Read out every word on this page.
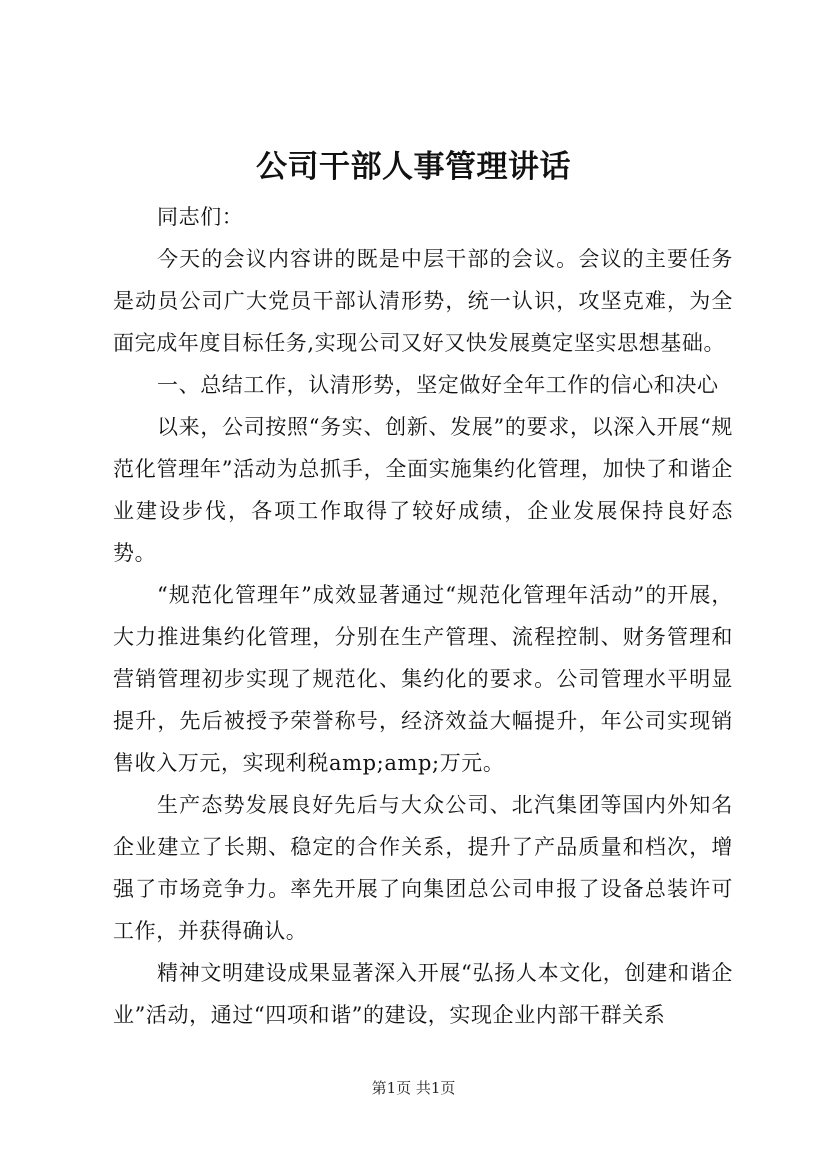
公司干部人事管理讲话

同志们：

今天的会议内容讲的既是中层干部的会议。会议的主要任务是动员公司广大党员干部认清形势，统一认识，攻坚克难，为全面完成年度目标任务,实现公司又好又快发展奠定坚实思想基础。

一、总结工作，认清形势，坚定做好全年工作的信心和决心

以来，公司按照“务实、创新、发展”的要求，以深入开展“规范化管理年”活动为总抓手，全面实施集约化管理，加快了和谐企业建设步伐，各项工作取得了较好成绩，企业发展保持良好态势。

“规范化管理年”成效显著通过“规范化管理年活动”的开展，大力推进集约化管理，分别在生产管理、流程控制、财务管理和营销管理初步实现了规范化、集约化的要求。公司管理水平明显提升，先后被授予荣誉称号，经济效益大幅提升，年公司实现销售收入万元，实现利税amp;amp;万元。

生产态势发展良好先后与大众公司、北汽集团等国内外知名企业建立了长期、稳定的合作关系，提升了产品质量和档次，增强了市场竞争力。率先开展了向集团总公司申报了设备总装许可工作，并获得确认。

精神文明建设成果显著深入开展“弘扬人本文化，创建和谐企业”活动，通过“四项和谐”的建设，实现企业内部干群关系

第1页 共1页
